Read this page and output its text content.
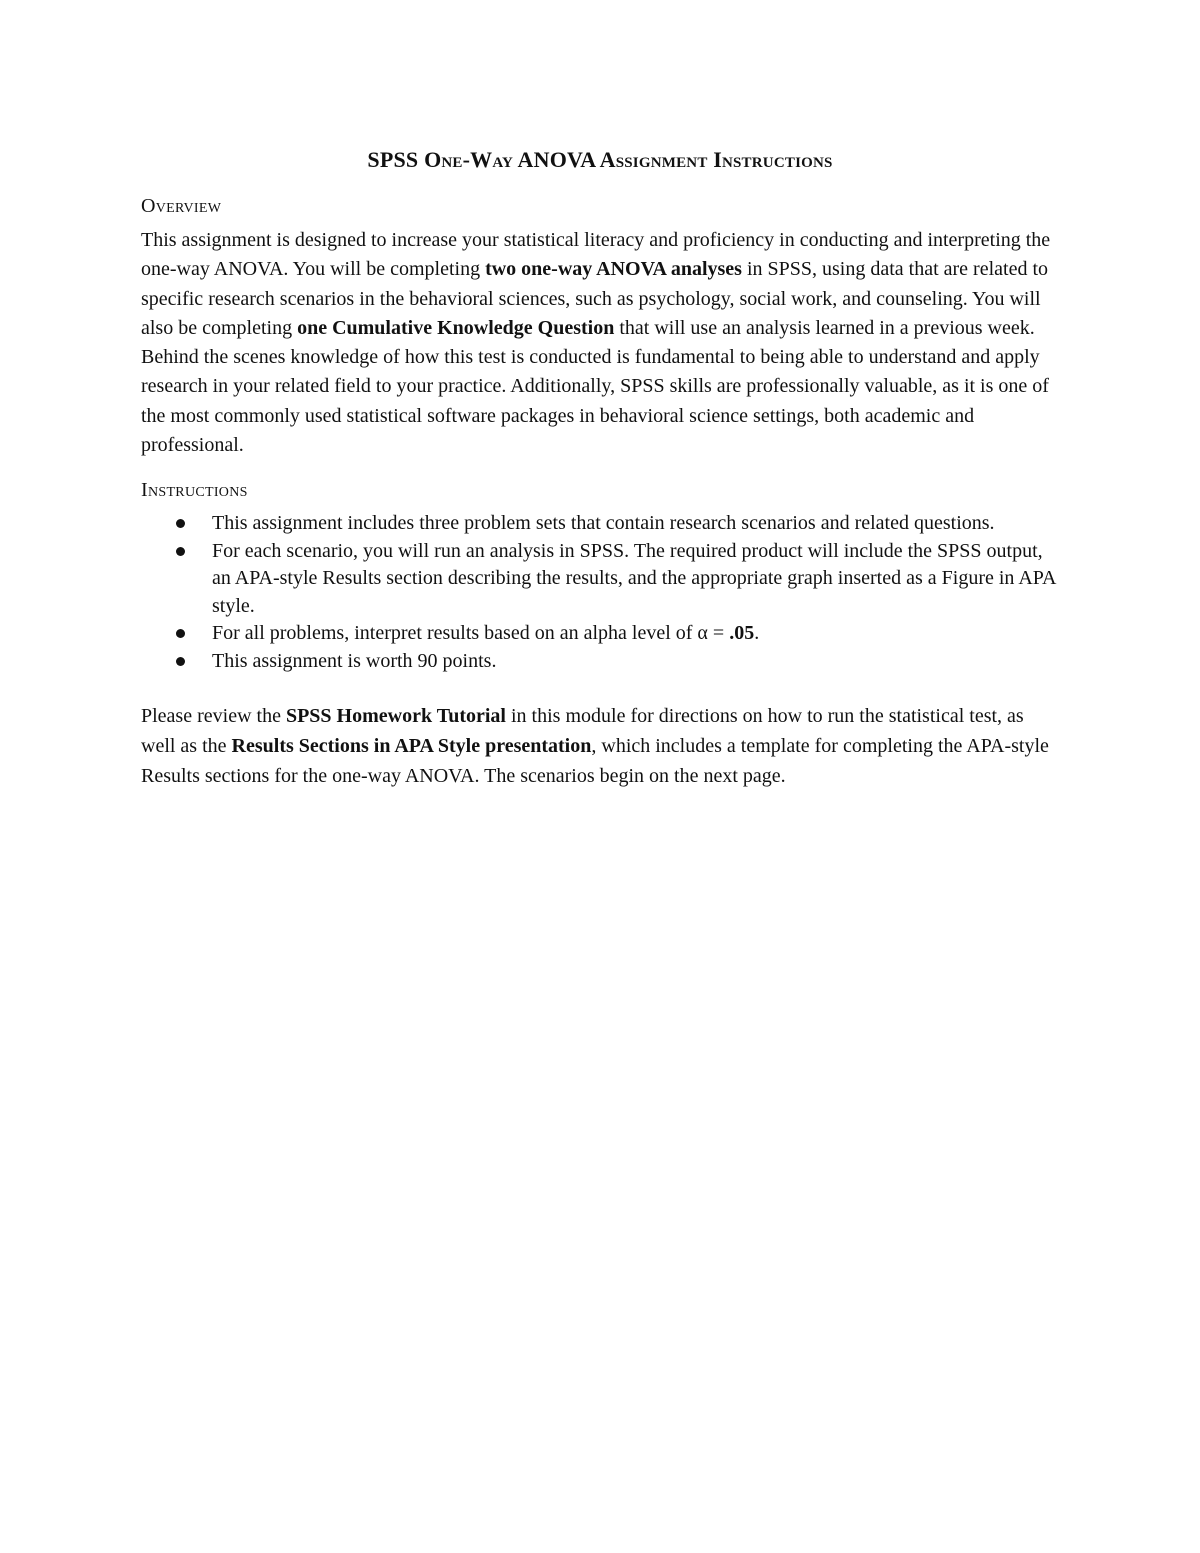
SPSS One-Way ANOVA Assignment Instructions
Overview

This assignment is designed to increase your statistical literacy and proficiency in conducting and interpreting the one-way ANOVA. You will be completing two one-way ANOVA analyses in SPSS, using data that are related to specific research scenarios in the behavioral sciences, such as psychology, social work, and counseling. You will also be completing one Cumulative Knowledge Question that will use an analysis learned in a previous week. Behind the scenes knowledge of how this test is conducted is fundamental to being able to understand and apply research in your related field to your practice. Additionally, SPSS skills are professionally valuable, as it is one of the most commonly used statistical software packages in behavioral science settings, both academic and professional.

Instructions
This assignment includes three problem sets that contain research scenarios and related questions.
For each scenario, you will run an analysis in SPSS. The required product will include the SPSS output, an APA-style Results section describing the results, and the appropriate graph inserted as a Figure in APA style.
For all problems, interpret results based on an alpha level of α = .05.
This assignment is worth 90 points.

Please review the SPSS Homework Tutorial in this module for directions on how to run the statistical test, as well as the Results Sections in APA Style presentation, which includes a template for completing the APA-style Results sections for the one-way ANOVA. The scenarios begin on the next page.
